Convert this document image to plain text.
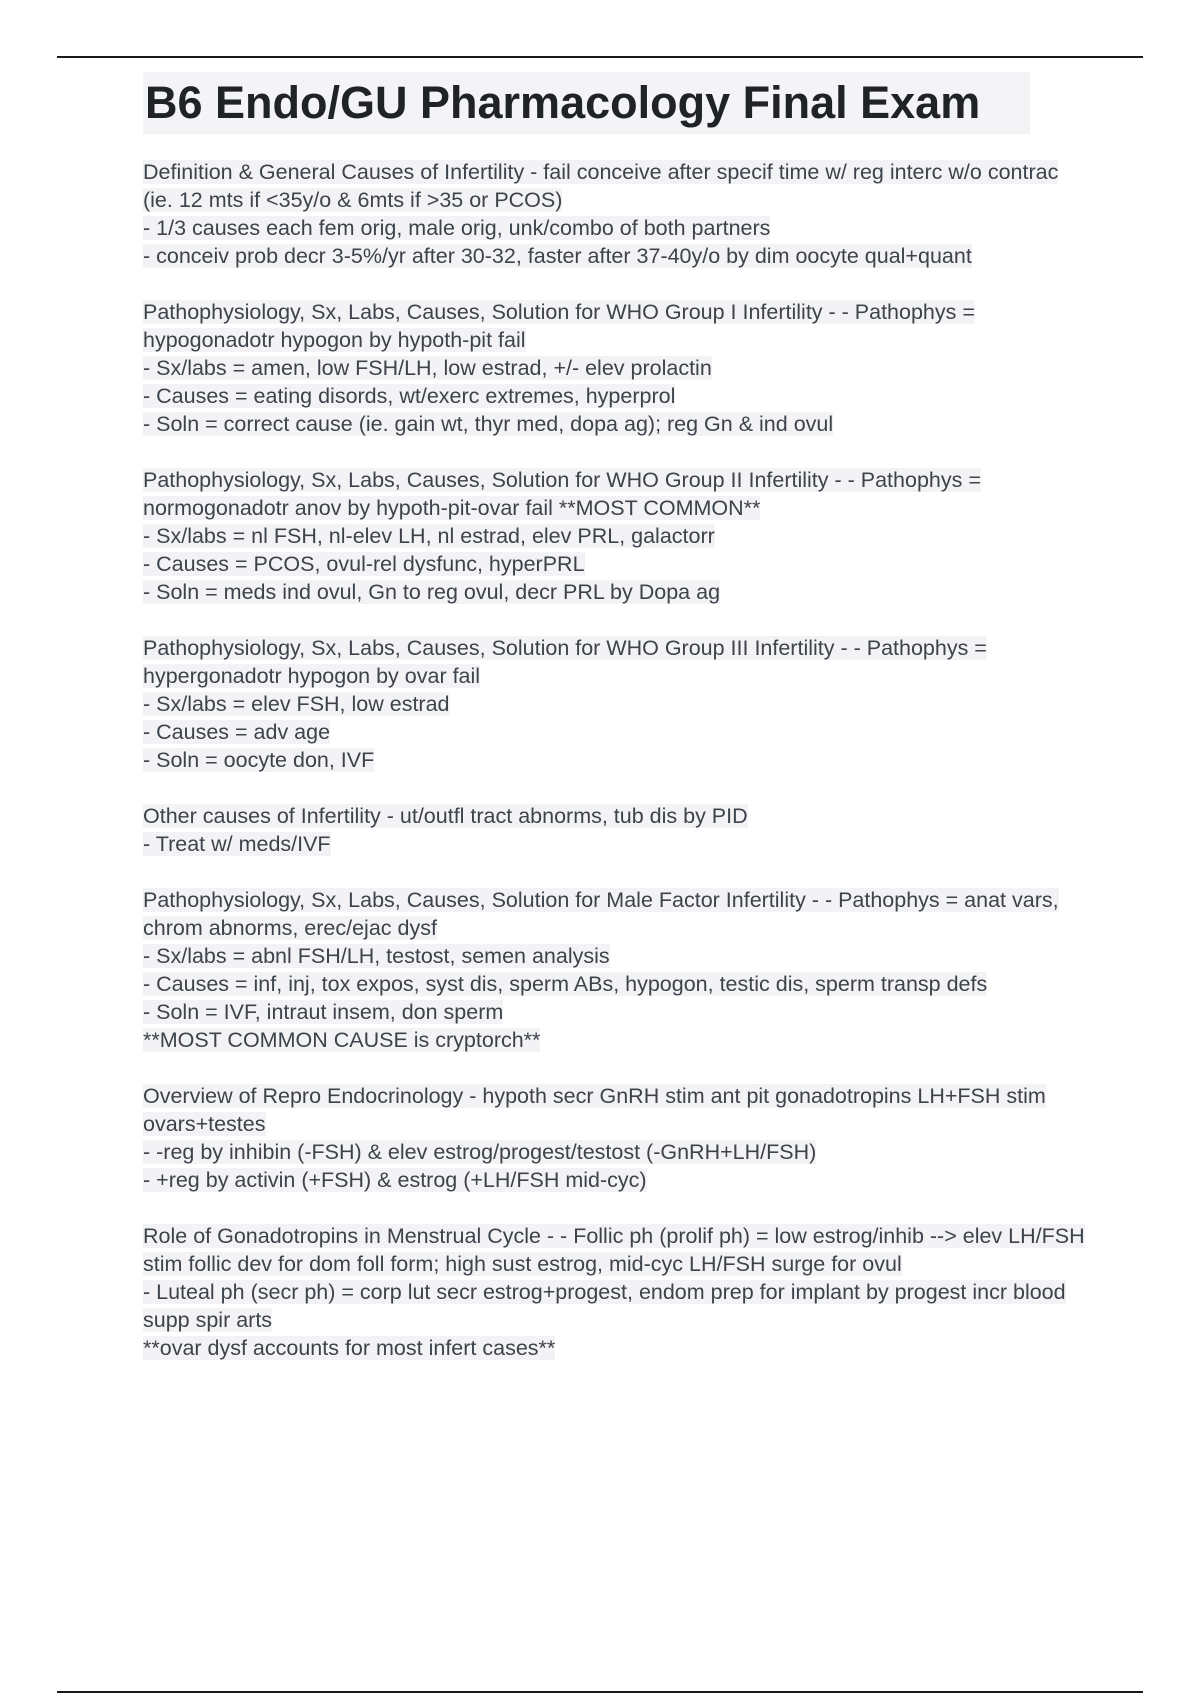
B6 Endo/GU Pharmacology Final Exam
Definition & General Causes of Infertility - fail conceive after specif time w/ reg interc w/o contrac (ie. 12 mts if <35y/o & 6mts if >35 or PCOS)
- 1/3 causes each fem orig, male orig, unk/combo of both partners
- conceiv prob decr 3-5%/yr after 30-32, faster after 37-40y/o by dim oocyte qual+quant
Pathophysiology, Sx, Labs, Causes, Solution for WHO Group I Infertility - - Pathophys = hypogonadotr hypogon by hypoth-pit fail
- Sx/labs = amen, low FSH/LH, low estrad, +/- elev prolactin
- Causes = eating disords, wt/exerc extremes, hyperprol
- Soln = correct cause (ie. gain wt, thyr med, dopa ag); reg Gn & ind ovul
Pathophysiology, Sx, Labs, Causes, Solution for WHO Group II Infertility - - Pathophys = normogonadotr anov by hypoth-pit-ovar fail **MOST COMMON**
- Sx/labs = nl FSH, nl-elev LH, nl estrad, elev PRL, galactorr
- Causes = PCOS, ovul-rel dysfunc, hyperPRL
- Soln = meds ind ovul, Gn to reg ovul, decr PRL by Dopa ag
Pathophysiology, Sx, Labs, Causes, Solution for WHO Group III Infertility - - Pathophys = hypergonadotr hypogon by ovar fail
- Sx/labs = elev FSH, low estrad
- Causes = adv age
- Soln = oocyte don, IVF
Other causes of Infertility - ut/outfl tract abnorms, tub dis by PID
- Treat w/ meds/IVF
Pathophysiology, Sx, Labs, Causes, Solution for Male Factor Infertility - - Pathophys = anat vars, chrom abnorms, erec/ejac dysf
- Sx/labs = abnl FSH/LH, testost, semen analysis
- Causes = inf, inj, tox expos, syst dis, sperm ABs, hypogon, testic dis, sperm transp defs
- Soln = IVF, intraut insem, don sperm
**MOST COMMON CAUSE is cryptorch**
Overview of Repro Endocrinology - hypoth secr GnRH stim ant pit gonadotropins LH+FSH stim ovars+testes
- -reg by inhibin (-FSH) & elev estrog/progest/testost (-GnRH+LH/FSH)
- +reg by activin (+FSH) & estrog (+LH/FSH mid-cyc)
Role of Gonadotropins in Menstrual Cycle - - Follic ph (prolif ph) = low estrog/inhib --> elev LH/FSH stim follic dev for dom foll form; high sust estrog, mid-cyc LH/FSH surge for ovul
- Luteal ph (secr ph) = corp lut secr estrog+progest, endom prep for implant by progest incr blood supp spir arts
**ovar dysf accounts for most infert cases**
